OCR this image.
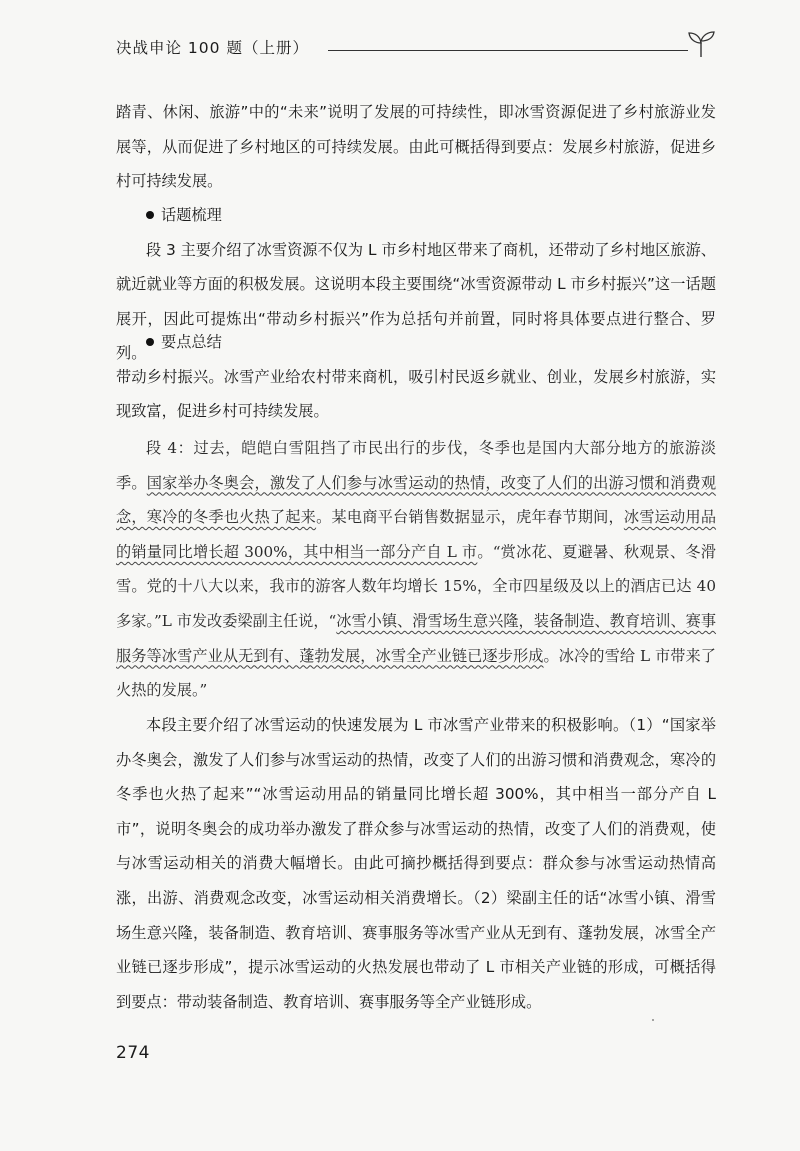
决战申论 100 题（上册）

踏青、休闲、旅游”中的“未来”说明了发展的可持续性，即冰雪资源促进了乡村旅游业发展等，从而促进了乡村地区的可持续发展。由此可概括得到要点：发展乡村旅游，促进乡村可持续发展。

话题梳理

段 3 主要介绍了冰雪资源不仅为 L 市乡村地区带来了商机，还带动了乡村地区旅游、就近就业等方面的积极发展。这说明本段主要围绕“冰雪资源带动 L 市乡村振兴”这一话题展开，因此可提炼出“带动乡村振兴”作为总括句并前置，同时将具体要点进行整合、罗列。

要点总结

带动乡村振兴。冰雪产业给农村带来商机，吸引村民返乡就业、创业，发展乡村旅游，实现致富，促进乡村可持续发展。

段 4：过去，皑皑白雪阻挡了市民出行的步伐，冬季也是国内大部分地方的旅游淡季。国家举办冬奥会，激发了人们参与冰雪运动的热情，改变了人们的出游习惯和消费观念，寒冷的冬季也火热了起来。某电商平台销售数据显示，虎年春节期间，冰雪运动用品的销量同比增长超 300%，其中相当一部分产自 L 市。“赏冰花、夏避暑、秋观景、冬滑雪。党的十八大以来，我市的游客人数年均增长 15%，全市四星级及以上的酒店已达 40 多家。”L 市发改委梁副主任说，“冰雪小镇、滑雪场生意兴隆，装备制造、教育培训、赛事服务等冰雪产业从无到有、蓬勃发展，冰雪全产业链已逐步形成。冰冷的雪给 L 市带来了火热的发展。”

本段主要介绍了冰雪运动的快速发展为 L 市冰雪产业带来的积极影响。（1）“国家举办冬奥会，激发了人们参与冰雪运动的热情，改变了人们的出游习惯和消费观念，寒冷的冬季也火热了起来”“冰雪运动用品的销量同比增长超 300%，其中相当一部分产自 L 市”，说明冬奥会的成功举办激发了群众参与冰雪运动的热情，改变了人们的消费观，使与冰雪运动相关的消费大幅增长。由此可摘抄概括得到要点：群众参与冰雪运动热情高涨，出游、消费观念改变，冰雪运动相关消费增长。（2）梁副主任的话“冰雪小镇、滑雪场生意兴隆，装备制造、教育培训、赛事服务等冰雪产业从无到有、蓬勃发展，冰雪全产业链已逐步形成”，提示冰雪运动的火热发展也带动了 L 市相关产业链的形成，可概括得到要点：带动装备制造、教育培训、赛事服务等全产业链形成。

274
